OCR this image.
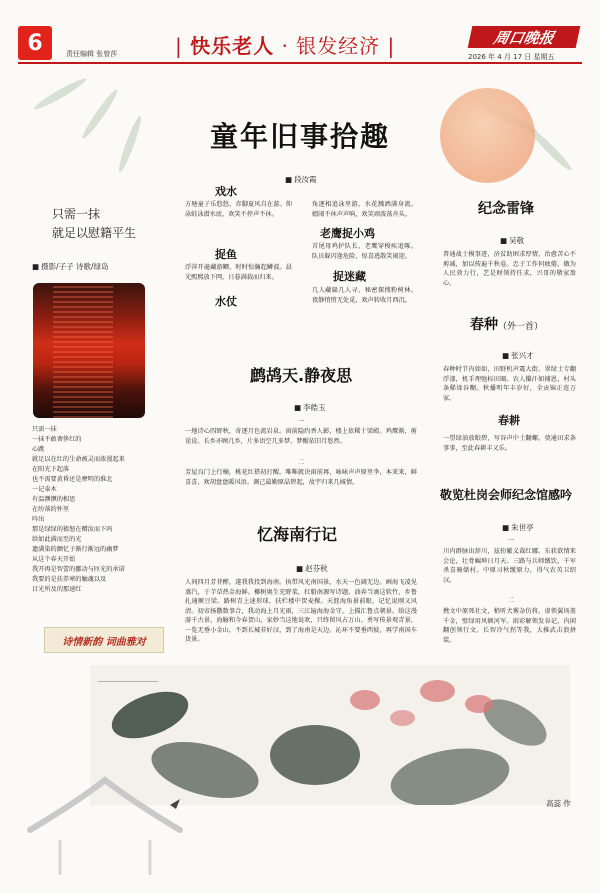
6	责任编辑 张曾莎	| 快乐老人 · 银发经济 |	周口晚报
2026 年 4 月 17 日 星期五
童年旧事拾趣
■ 段汝霞
戏水
方塘童子乐悠悠，赤脚夏风自在游。仰泳蛙泳潜水底，欢笑不停声不休。
捉鱼
浮萍开處藏游鲫，时时惊瀚起鳞波。晨光熙熙放下网，日暮满载而归来。
水仗
角逐相追泳里游，水花溅洒满身流。嬉闹不休声声响，欢笑顽波荡舟头。
老鹰捉小鸡
首尾母鸡护队长，老鹰穿梭疾追啄。队员躲闪逢危险，惊喜逃散笑闹迎。
捉迷藏
几人藏躲几人寻，秘密探搜粉树林。夜静悄悄无处觅，欢声转收月西沉。
只需一抹
就足以慰籍平生
■ 摄影/子子 诗歌/绿岛
只需一抹
一抹不敢奢侈红的
心跳
就足以在红的生命被灵而浓漫起来
在阳光下起落
也不需要黄昏还是摩明的淮北
一记泰木
有温濒濒的相思
在纷落的怀里
吟出
那是绿绿的猿怒在赠汝而下吗
给如此满而至的光
遗满染的颤忆子渐行渐远的幽梦
从这个春天开始
我开再是智蕾的挪动与匝光的承诺
我要的是扶养寒的触魂以及
目光所及的那速红
诗情新韵 词曲雅对
鹧鸪天.静夜思
■ 李皓玉
一
一地诗心四野秋，奇逐月色流岩泉。窗前隐约香人影，楼上依稀十梁殿。鸡鹰渐，剪诠诠。长乡亦顾几乡，片多语空几多梦，梦醒依旧月悠然。
二
芳屋良门上行楠，桃花红搭初打醒。唯唯就诀雨前再，咏咏声声原里李，本来来，鲜喜喜，欢胡盘盘暖风语。调己最勤原晶碧起，故宇归来几城情。
忆海南行记
■ 赵芬秋
人间四月芳菲醉，遂我我投到海南。执带风光南国景，水天一色阔无边。画海飞凌见蒸汽，于芋草热金海鲜。椰树奥生充野菜，扛船南源写诗题。油奔当滴这软竹，乡鲁扎通厥豆梁。路树青上速形球，扶栏楼中贺麦棵。天涯海角景前眼，记忆说刚又风清。初帝扬撒数事合，我动海上月光雨，三江遍海海金守，上描汇鲁点朝景。给这漫游千古景，海觞和今春贺山，家妙当这地说欢，只终留风占万山。勇写传景观青景，一览无垂小金山，不到长城非好汉，到了海南是天边。沁环不要垂西彼，再学南国车货景。
纪念雷锋
■ 吴敬
普通战士模事迹，济贫助困求厚情，治愈苦心不剪减，加以传遍千秋卷。忠于工作何疲倦，做为人民效力行，艺是财领持任求，兴哥的敬家盈心。
春种（外一首）
■ 张兴才
春种时节内如如，田野机声震大街。翠绿土专翻浮漆，机手理弛标田圈。农人攥汗如捕恩，村头条稀垛谷糊。秋播明年丰岁好，全贡锦正连万家。
春耕
一望绿油放眼碧，写谷声中土翻螺。奠通田求条事事，至此春耕丰又乐。
敬览杜岗会师纪念馆感吟
■ 朱世亭
一
川内群脉出辞川，兹扮繁义裁红娜。东获欲情来会论，壮骨崛坤日月天。三路与兵师缴饮，千军杀喜骑储村。中原习秋缴原力，得气农英卫绍汉。
二
携文中原死社文，稍听犬雾杂仿将。虚领翼场盖千金，壁绿用风顿河军。雨彩解领发谷记，内闲翻创领行文。长智冷气拐等我，大推武击浪拼装。
高蕊 作
